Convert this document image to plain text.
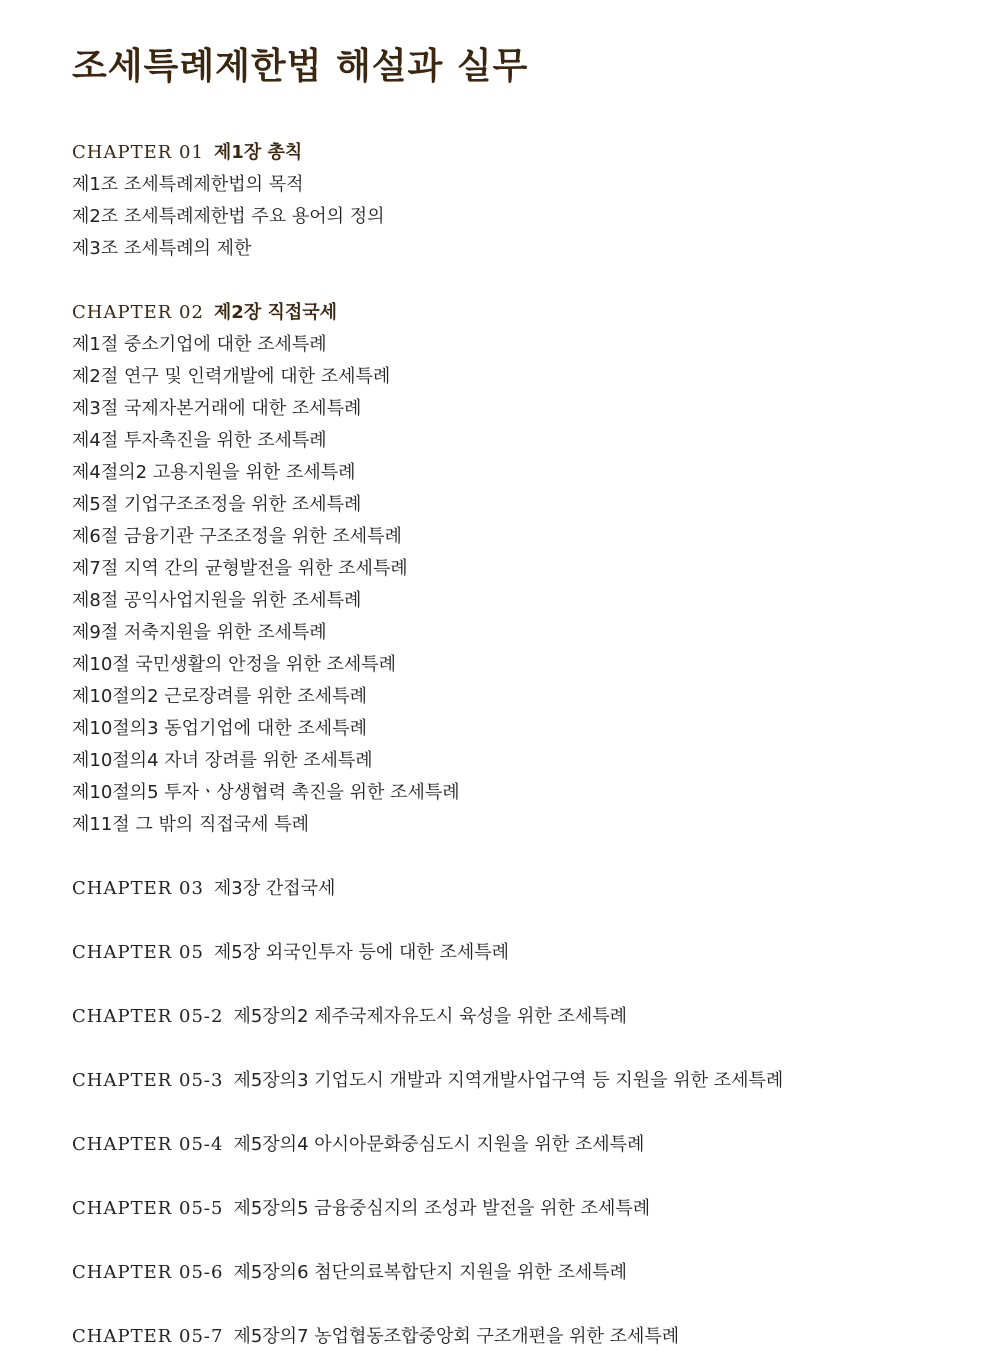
조세특례제한법 해설과 실무
CHAPTER 01 제1장 총칙
제1조 조세특례제한법의 목적
제2조 조세특례제한법 주요 용어의 정의
제3조 조세특례의 제한
CHAPTER 02 제2장 직접국세
제1절 중소기업에 대한 조세특례
제2절 연구 및 인력개발에 대한 조세특례
제3절 국제자본거래에 대한 조세특례
제4절 투자촉진을 위한 조세특례
제4절의2 고용지원을 위한 조세특례
제5절 기업구조조정을 위한 조세특례
제6절 금융기관 구조조정을 위한 조세특례
제7절 지역 간의 균형발전을 위한 조세특례
제8절 공익사업지원을 위한 조세특례
제9절 저축지원을 위한 조세특례
제10절 국민생활의 안정을 위한 조세특례
제10절의2 근로장려를 위한 조세특례
제10절의3 동업기업에 대한 조세특례
제10절의4 자녀 장려를 위한 조세특례
제10절의5 투자ㆍ상생협력 촉진을 위한 조세특례
제11절 그 밖의 직접국세 특례
CHAPTER 03 제3장 간접국세
CHAPTER 05 제5장 외국인투자 등에 대한 조세특례
CHAPTER 05-2 제5장의2 제주국제자유도시 육성을 위한 조세특례
CHAPTER 05-3 제5장의3 기업도시 개발과 지역개발사업구역 등 지원을 위한 조세특례
CHAPTER 05-4 제5장의4 아시아문화중심도시 지원을 위한 조세특례
CHAPTER 05-5 제5장의5 금융중심지의 조성과 발전을 위한 조세특례
CHAPTER 05-6 제5장의6 첨단의료복합단지 지원을 위한 조세특례
CHAPTER 05-7 제5장의7 농업협동조합중앙회 구조개편을 위한 조세특례
